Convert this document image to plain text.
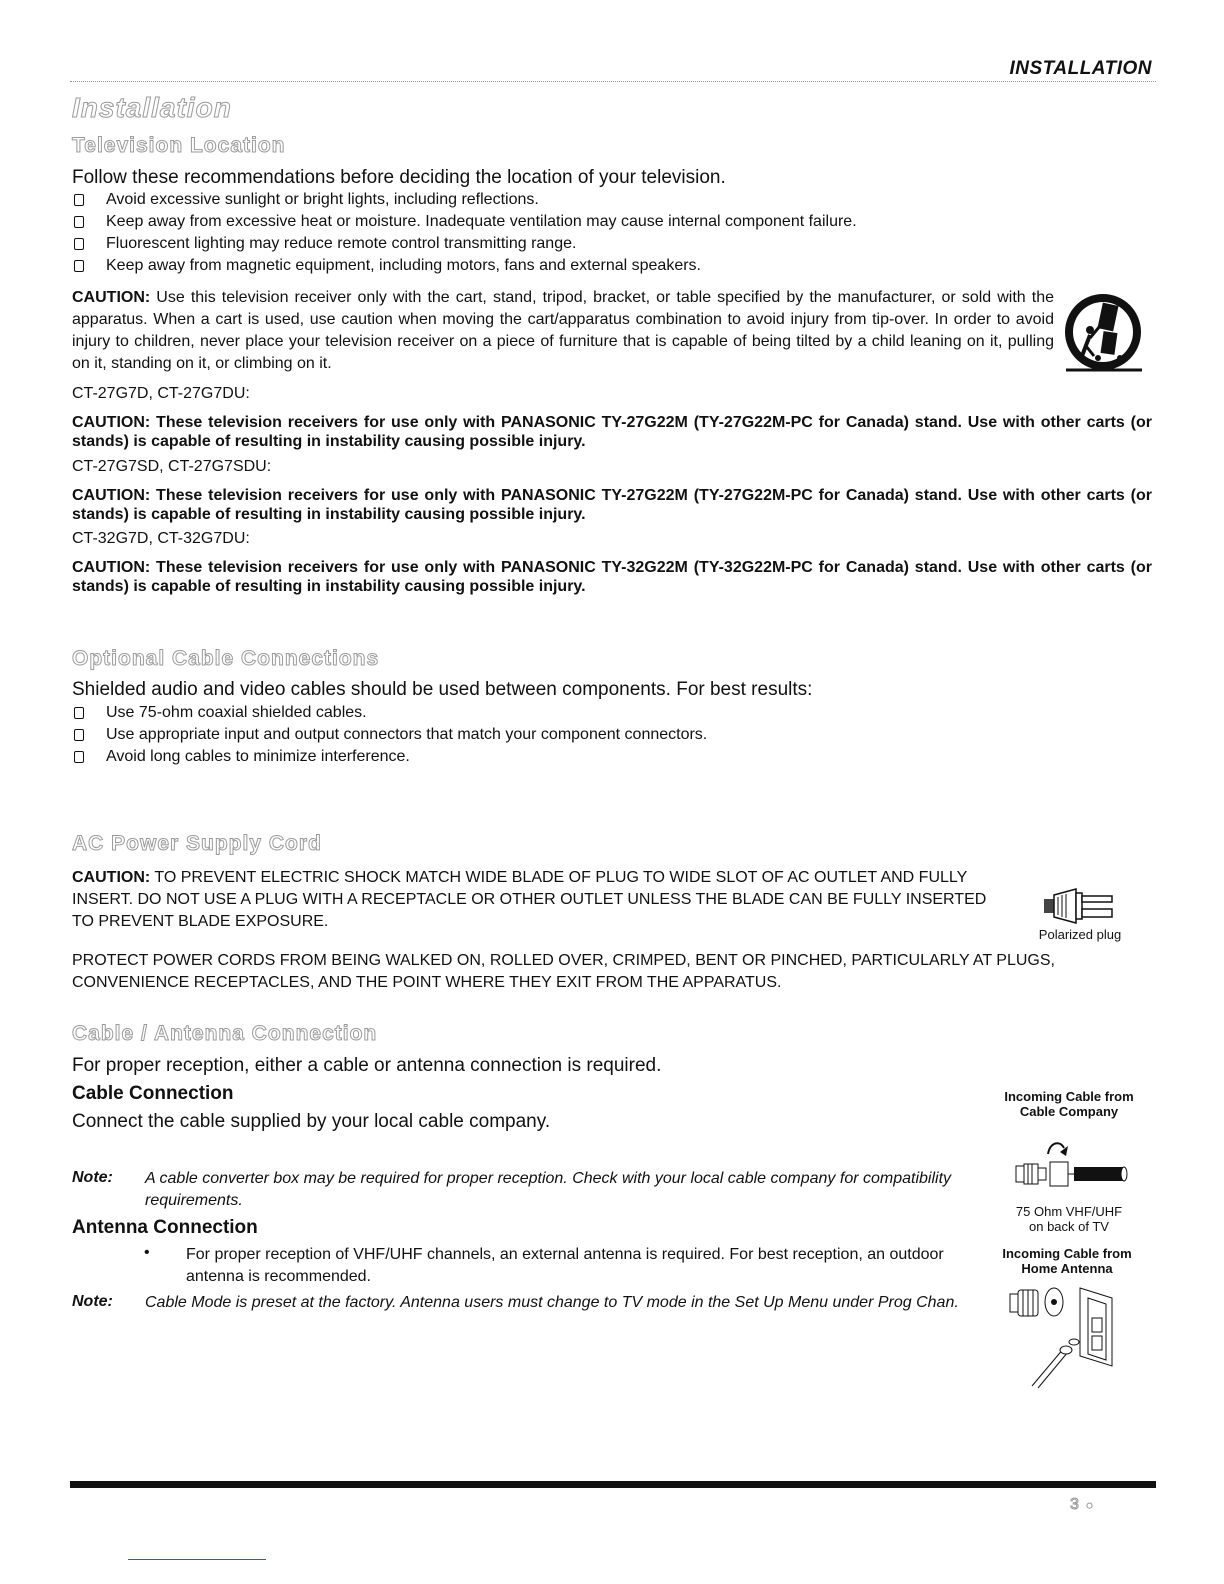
INSTALLATION
Installation
Television Location
Follow these recommendations before deciding the location of your television.
Avoid excessive sunlight or bright lights, including reflections.
Keep away from excessive heat or moisture. Inadequate ventilation may cause internal component failure.
Fluorescent lighting may reduce remote control transmitting range.
Keep away from magnetic equipment, including motors, fans and external speakers.
CAUTION: Use this television receiver only with the cart, stand, tripod, bracket, or table specified by the manufacturer, or sold with the apparatus. When a cart is used, use caution when moving the cart/apparatus combination to avoid injury from tip-over. In order to avoid injury to children, never place your television receiver on a piece of furniture that is capable of being tilted by a child leaning on it, pulling on it, standing on it, or climbing on it.
CT-27G7D, CT-27G7DU:
CAUTION: These television receivers for use only with PANASONIC TY-27G22M (TY-27G22M-PC for Canada) stand. Use with other carts (or stands) is capable of resulting in instability causing possible injury.
CT-27G7SD, CT-27G7SDU:
CAUTION: These television receivers for use only with PANASONIC TY-27G22M (TY-27G22M-PC for Canada) stand. Use with other carts (or stands) is capable of resulting in instability causing possible injury.
CT-32G7D, CT-32G7DU:
CAUTION: These television receivers for use only with PANASONIC TY-32G22M (TY-32G22M-PC for Canada) stand. Use with other carts (or stands) is capable of resulting in instability causing possible injury.
Optional Cable Connections
Shielded audio and video cables should be used between components. For best results:
Use 75-ohm coaxial shielded cables.
Use appropriate input and output connectors that match your component connectors.
Avoid long cables to minimize interference.
AC Power Supply Cord
CAUTION: TO PREVENT ELECTRIC SHOCK MATCH WIDE BLADE OF PLUG TO WIDE SLOT OF AC OUTLET AND FULLY INSERT. DO NOT USE A PLUG WITH A RECEPTACLE OR OTHER OUTLET UNLESS THE BLADE CAN BE FULLY INSERTED TO PREVENT BLADE EXPOSURE.
Polarized plug
PROTECT POWER CORDS FROM BEING WALKED ON, ROLLED OVER, CRIMPED, BENT OR PINCHED, PARTICULARLY AT PLUGS, CONVENIENCE RECEPTACLES, AND THE POINT WHERE THEY EXIT FROM THE APPARATUS.
Cable / Antenna Connection
For proper reception, either a cable or antenna connection is required.
Cable Connection
Connect the cable supplied by your local cable company.
Note: A cable converter box may be required for proper reception. Check with your local cable company for compatibility requirements.
Antenna Connection
• For proper reception of VHF/UHF channels, an external antenna is required. For best reception, an outdoor antenna is recommended.
Note: Cable Mode is preset at the factory. Antenna users must change to TV mode in the Set Up Menu under Prog Chan.
Incoming Cable from
Cable Company
75 Ohm VHF/UHF
on back of TV
Incoming Cable from
Home Antenna
3 ●
